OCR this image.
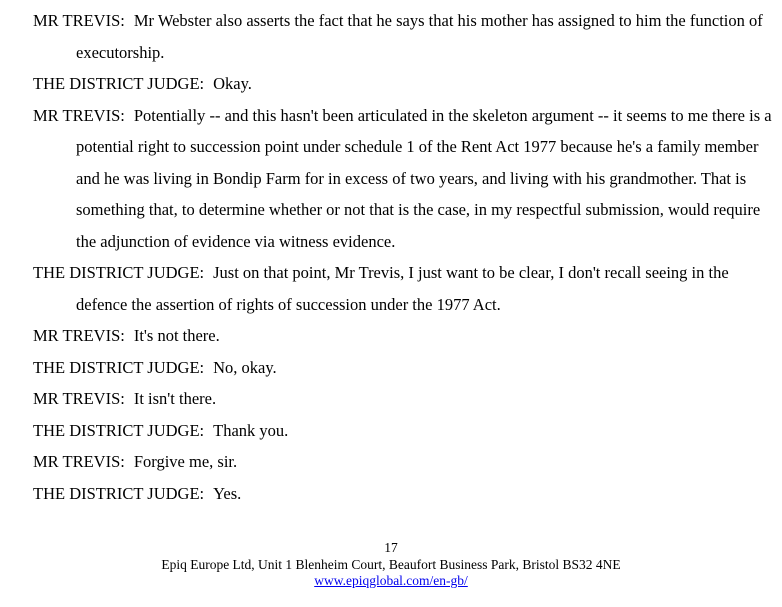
MR TREVIS: Mr Webster also asserts the fact that he says that his mother has assigned to him the function of executorship.

THE DISTRICT JUDGE: Okay.

MR TREVIS: Potentially -- and this hasn't been articulated in the skeleton argument -- it seems to me there is a potential right to succession point under schedule 1 of the Rent Act 1977 because he's a family member and he was living in Bondip Farm for in excess of two years, and living with his grandmother. That is something that, to determine whether or not that is the case, in my respectful submission, would require the adjunction of evidence via witness evidence.

THE DISTRICT JUDGE: Just on that point, Mr Trevis, I just want to be clear, I don't recall seeing in the defence the assertion of rights of succession under the 1977 Act.

MR TREVIS: It's not there.

THE DISTRICT JUDGE: No, okay.

MR TREVIS: It isn't there.

THE DISTRICT JUDGE: Thank you.

MR TREVIS: Forgive me, sir.

THE DISTRICT JUDGE: Yes.

17
Epiq Europe Ltd, Unit 1 Blenheim Court, Beaufort Business Park, Bristol BS32 4NE
www.epiqglobal.com/en-gb/
